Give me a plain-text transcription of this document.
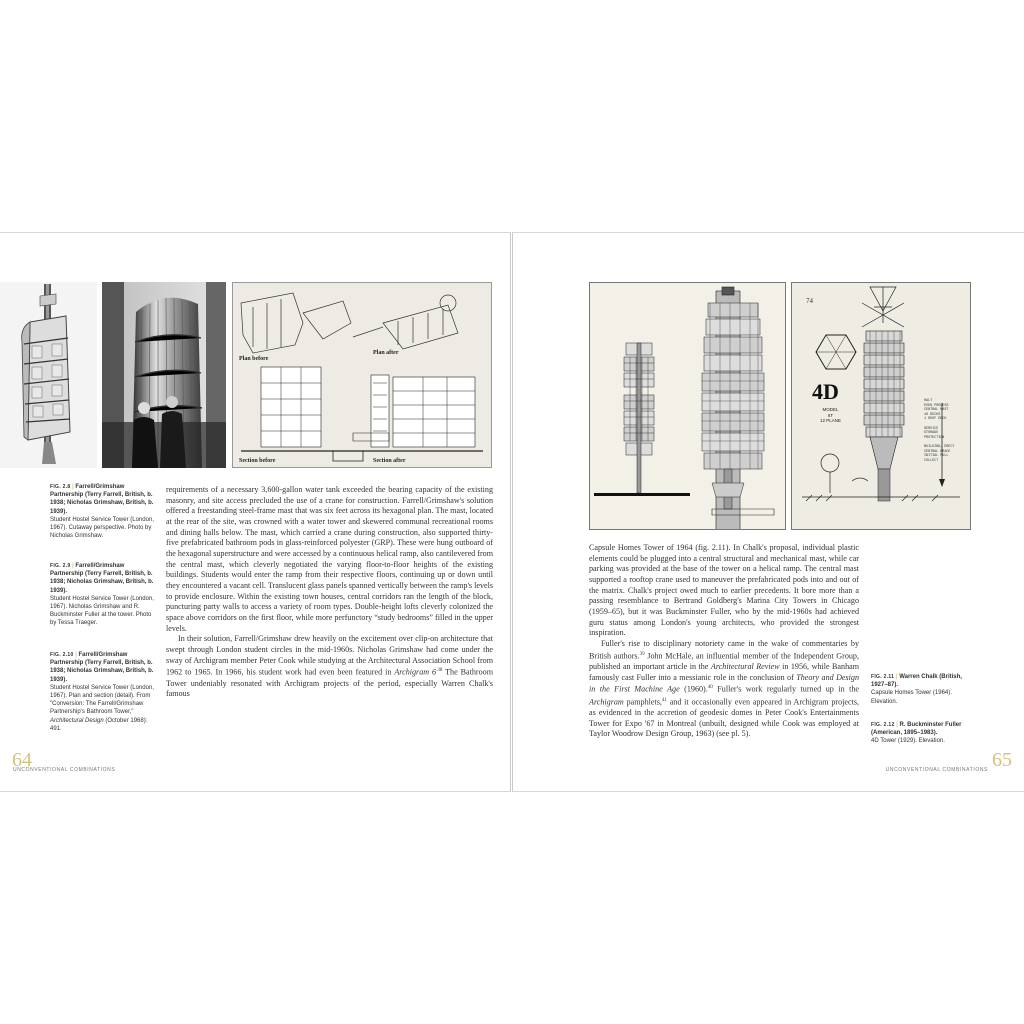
Plan before
Plan after
Section before	Section after
FIG. 2.8 | Farrell/Grimshaw Partnership (Terry Farrell, British, b. 1938; Nicholas Grimshaw, British, b. 1939).
Student Hostel Service Tower (London, 1967). Cutaway perspective. Photo by Nicholas Grimshaw.
FIG. 2.9 | Farrell/Grimshaw Partnership (Terry Farrell, British, b. 1938; Nicholas Grimshaw, British, b. 1939).
Student Hostel Service Tower (London, 1967). Nicholas Grimshaw and R. Buckminster Fuller at the tower. Photo by Tessa Traeger.
FIG. 2.10 | Farrell/Grimshaw Partnership (Terry Farrell, British, b. 1938; Nicholas Grimshaw, British, b. 1939).
Student Hostel Service Tower (London, 1967). Plan and section (detail). From "Conversion: The Farrell/Grimshaw Partnership's Bathroom Tower," Architectural Design (October 1968): 491.

requirements of a necessary 3,600-gallon water tank exceeded the bearing capacity of the existing masonry, and site access precluded the use of a crane for construction. Farrell/Grimshaw's solution offered a freestanding steel-frame mast that was six feet across its hexagonal plan. The mast, located at the rear of the site, was crowned with a water tower and skewered communal recreational rooms and dining halls below. The mast, which carried a crane during construction, also supported thirty-five prefabricated bathroom pods in glass-reinforced polyester (GRP). These were hung outboard of the hexagonal superstructure and were accessed by a continuous helical ramp, also cantilevered from the central mast, which cleverly negotiated the varying floor-to-floor heights of the existing buildings. Students would enter the ramp from their respective floors, continuing up or down until they encountered a vacant cell. Translucent glass panels spanned vertically between the ramp's levels to provide enclosure. Within the existing town houses, central corridors ran the length of the block, puncturing party walls to access a variety of room types. Double-height lofts cleverly colonized the space above corridors on the first floor, while more perfunctory “study bedrooms” filled in the upper levels.

In their solution, Farrell/Grimshaw drew heavily on the excitement over clip-on architecture that swept through London student circles in the mid-1960s. Nicholas Grimshaw had come under the sway of Archigram member Peter Cook while studying at the Architectural Association School from 1962 to 1965. In 1966, his student work had even been featured in Archigram $6^{.38}$ The Bathroom Tower undeniably resonated with Archigram projects of the period, especially Warren Chalk's famous

64
UNCONVENTIONAL COMBINATIONS
74
4D
MODEL
6T
12 PLANE
HALT
EVEN PROCESS
CENTRAL MAST
10 DECKS
1 ROOF DECK

SERVICE
STORAGE
PROTECTION

BUILDING, ERECT
CENTRAL BRACE
INITIAL PULL
COLLECT

Capsule Homes Tower of 1964 (fig. 2.11). In Chalk's proposal, individual plastic elements could be plugged into a central structural and mechanical mast, while car parking was provided at the base of the tower on a helical ramp. The central mast supported a rooftop crane used to maneuver the prefabricated pods into and out of the matrix. Chalk's project owed much to earlier precedents. It bore more than a passing resemblance to Bertrand Goldberg's Marina City Towers in Chicago (1959–65), but it was Buckminster Fuller, who by the mid-1960s had achieved guru status among London's young architects, who provided the strongest inspiration.

Fuller's rise to disciplinary notoriety came in the wake of commentaries by British authors.$^{39}$ John McHale, an influential member of the Independent Group, published an important article in the Architectural Review in 1956, while Banham famously cast Fuller into a messianic role in the conclusion of Theory and Design in the First Machine Age (1960).$^{40}$ Fuller's work regularly turned up in the Archigram pamphlets,$^{41}$ and it occasionally even appeared in Archigram projects, as evidenced in the accretion of geodesic domes in Peter Cook's Entertainments Tower for Expo '67 in Montreal (unbuilt, designed while Cook was employed at Taylor Woodrow Design Group, 1963) (see pl. 5).

FIG. 2.11 | Warren Chalk (British, 1927–87).
Capsule Homes Tower (1964). Elevation.
FIG. 2.12 | R. Buckminster Fuller (American, 1895–1983).
4D Tower (1929). Elevation.
UNCONVENTIONAL COMBINATIONS 65
